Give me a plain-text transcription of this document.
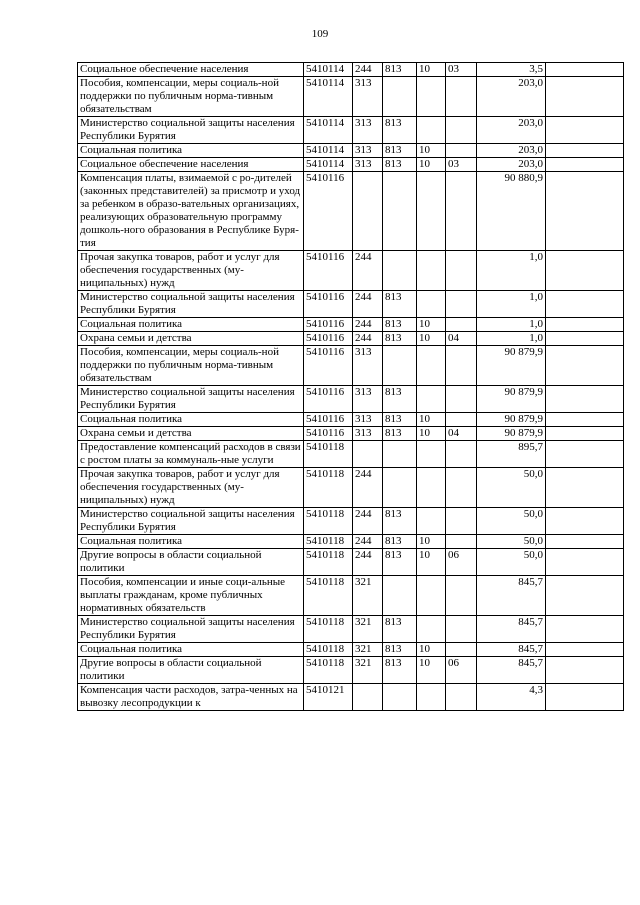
109
Социальное обеспечение населения	5410114	244	813	10	03	3,5	
Пособия, компенсации, меры социаль-ной поддержки по публичным норма-тивным обязательствам	5410114	313				203,0	
Министерство социальной защиты населения Республики Бурятия	5410114	313	813			203,0	
Социальная политика	5410114	313	813	10		203,0	
Социальное обеспечение населения	5410114	313	813	10	03	203,0	
Компенсация платы, взимаемой с ро-дителей (законных представителей) за присмотр и уход за ребенком в образо-вательных организациях, реализующих образовательную программу дошколь-ного образования в Республике Буря-тия	5410116					90 880,9	
Прочая закупка товаров, работ и услуг для обеспечения государственных (му-ниципальных) нужд	5410116	244				1,0	
Министерство социальной защиты населения Республики Бурятия	5410116	244	813			1,0	
Социальная политика	5410116	244	813	10		1,0	
Охрана семьи и детства	5410116	244	813	10	04	1,0	
Пособия, компенсации, меры социаль-ной поддержки по публичным норма-тивным обязательствам	5410116	313				90 879,9	
Министерство социальной защиты населения Республики Бурятия	5410116	313	813			90 879,9	
Социальная политика	5410116	313	813	10		90 879,9	
Охрана семьи и детства	5410116	313	813	10	04	90 879,9	
Предоставление компенсаций расходов в связи с ростом платы за коммуналь-ные услуги	5410118					895,7	
Прочая закупка товаров, работ и услуг для обеспечения государственных (му-ниципальных) нужд	5410118	244				50,0	
Министерство социальной защиты населения Республики Бурятия	5410118	244	813			50,0	
Социальная политика	5410118	244	813	10		50,0	
Другие вопросы в области социальной политики	5410118	244	813	10	06	50,0	
Пособия, компенсации и иные соци-альные выплаты гражданам, кроме публичных нормативных обязательств	5410118	321				845,7	
Министерство социальной защиты населения Республики Бурятия	5410118	321	813			845,7	
Социальная политика	5410118	321	813	10		845,7	
Другие вопросы в области социальной политики	5410118	321	813	10	06	845,7	
Компенсация части расходов, затра-ченных на вывозку лесопродукции к	5410121					4,3	
